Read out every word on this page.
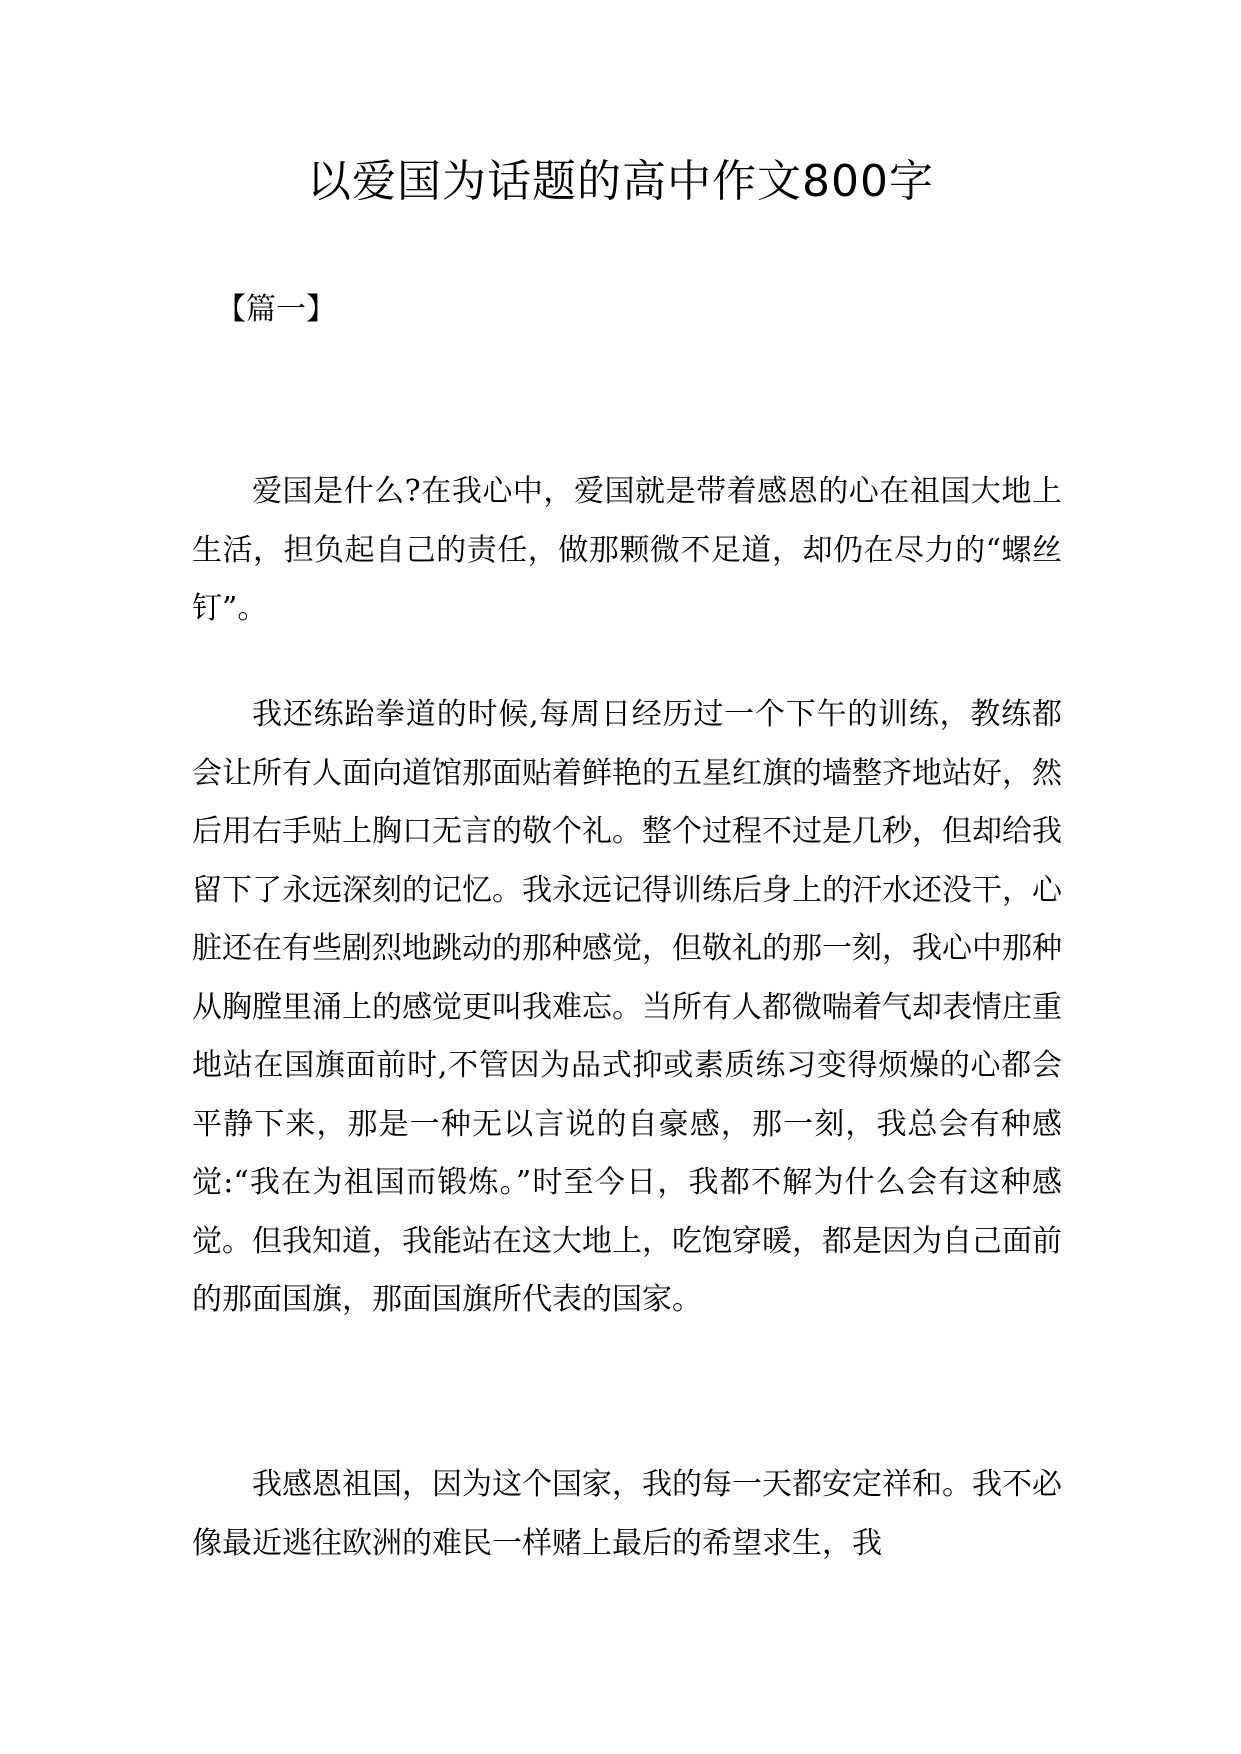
以爱国为话题的高中作文800字

【篇一】

爱国是什么?在我心中，爱国就是带着感恩的心在祖国大地上生活，担负起自己的责任，做那颗微不足道，却仍在尽力的“螺丝钉”。

我还练跆拳道的时候,每周日经历过一个下午的训练，教练都会让所有人面向道馆那面贴着鲜艳的五星红旗的墙整齐地站好，然后用右手贴上胸口无言的敬个礼。整个过程不过是几秒，但却给我留下了永远深刻的记忆。我永远记得训练后身上的汗水还没干，心脏还在有些剧烈地跳动的那种感觉，但敬礼的那一刻，我心中那种从胸膛里涌上的感觉更叫我难忘。当所有人都微喘着气却表情庄重地站在国旗面前时,不管因为品式抑或素质练习变得烦燥的心都会平静下来，那是一种无以言说的自豪感，那一刻，我总会有种感觉:“我在为祖国而锻炼。”时至今日，我都不解为什么会有这种感觉。但我知道，我能站在这大地上，吃饱穿暖，都是因为自己面前的那面国旗，那面国旗所代表的国家。

我感恩祖国，因为这个国家，我的每一天都安定祥和。我不必像最近逃往欧洲的难民一样赌上最后的希望求生，我
